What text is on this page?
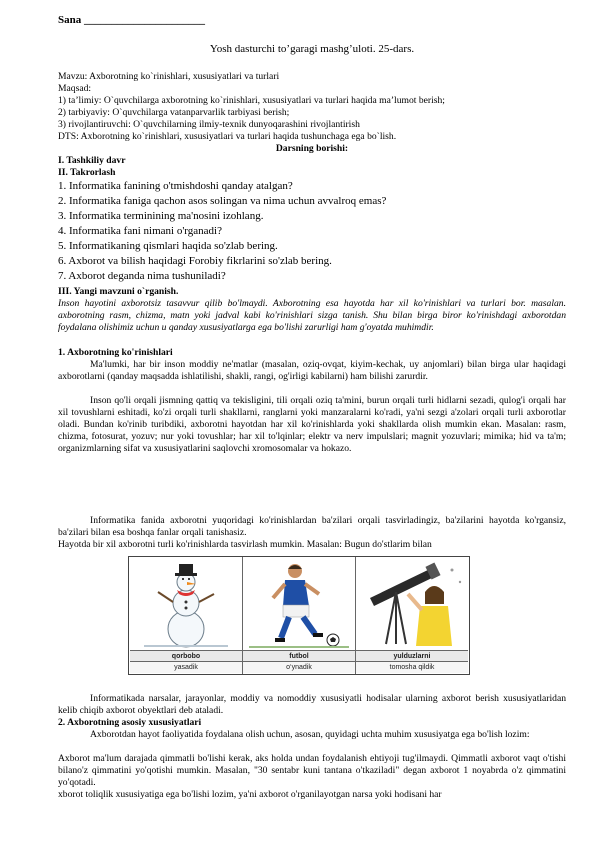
Sana ______________________
Yosh dasturchi to’garagi mashg’uloti. 25-dars.
Mavzu: Axborotning ko`rinishlari, xususiyatlari va turlari
Maqsad:
1) ta’limiy: O`quvchilarga axborotning ko`rinishlari, xususiyatlari va turlari haqida ma’lumot berish;
2) tarbiyaviy: O`quvchilarga vatanparvarlik tarbiyasi berish;
3) rivojlantiruvchi: O`quvchilarning ilmiy-texnik dunyoqarashini rivojlantirish
DTS: Axborotning ko`rinishlari, xususiyatlari va turlari haqida tushunchaga ega bo`lish.
Darsning borishi:
I. Tashkiliy davr
II. Takrorlash
1. Informatika fanining o'tmishdoshi qanday atalgan?
2. Informatika faniga qachon asos solingan va nima uchun avvalroq emas?
3. Informatika terminining ma'nosini izohlang.
4. Informatika fani nimani o'rganadi?
5. Informatikaning qismlari haqida so'zlab bering.
6. Axborot va bilish haqidagi Forobiy fikrlarini so'zlab bering.
7. Axborot deganda nima tushuniladi?
III. Yangi mavzuni o`rganish.
Inson hayotini axborotsiz tasavvur qilib bo'lmaydi. Axborotning esa hayotda har xil ko'rinishlari va turlari bor. masalan. axborotning rasm, chizma, matn yoki jadval kabi ko'rinishlari sizga tanish. Shu bilan birga biror ko'rinishdagi axborotdan foydalana olishimiz uchun u qanday xususiyatlarga ega bo'lishi zarurligi ham g'oyatda muhimdir.
1. Axborotning ko'rinishlari
Ma'lumki, har bir inson moddiy ne'matlar (masalan, oziq-ovqat, kiyim-kechak, uy anjomlari) bilan birga ular haqidagi axborotlarni (qanday maqsadda ishlatilishi, shakli, rangi, og'irligi kabilarni) ham bilishi zarurdir.
Inson qo'li orqali jismning qattiq va tekisligini, tili orqali oziq ta'mini, burun orqali turli hidlarni sezadi, qulog'i orqali har xil tovushlarni eshitadi, ko'zi orqali turli shakllarni, ranglarni yoki manzaralarni ko'radi, ya'ni sezgi a'zolari orqali turli axborotlar oladi. Bundan ko'rinib turibdiki, axborotni hayotdan har xil ko'rinishlarda yoki shakllarda olish mumkin ekan. Masalan: rasm, chizma, fotosurat, yozuv; nur yoki tovushlar; har xil to'lqinlar; elektr va nerv impulslari; magnit yozuvlari; mimika; hid va ta'm; organizmlarning sifat va xususiyatlarini saqlovchi xromosomalar va hokazo.
Informatika fanida axborotni yuqoridagi ko'rinishlardan ba'zilari orqali tasvirladingiz, ba'zilarini hayotda ko'rgansiz, ba'zilari bilan esa boshqa fanlar orqali tanishasiz.
Hayotda bir xil axborotni turli ko'rinishlarda tasvirlash mumkin. Masalan: Bugun do'stlarim bilan
qorbobo	futbol	yulduzlarni
yasadik	o‘ynadik	tomosha qildik
Informatikada narsalar, jarayonlar, moddiy va nomoddiy xususiyatli hodisalar ularning axborot berish xususiyatlaridan kelib chiqib axborot obyektlari deb ataladi.
2. Axborotning asosiy xususiyatlari
Axborotdan hayot faoliyatida foydalana olish uchun, asosan, quyidagi uchta muhim xususiyatga ega bo'lish lozim:
Axborot ma'lum darajada qimmatli bo'lishi kerak, aks holda undan foydalanish ehtiyoji tug'ilmaydi. Qimmatli axborot vaqt o'tishi bilano'z qimmatini yo'qotishi mumkin. Masalan, "30 sentabr kuni tantana o'tkaziladi" degan axborot 1 noyabrda o'z qimmatini yo'qotadi.
xborot toliqlik xususiyatiga ega bo'lishi lozim, ya'ni axborot o'rganilayotgan narsa yoki hodisani har
